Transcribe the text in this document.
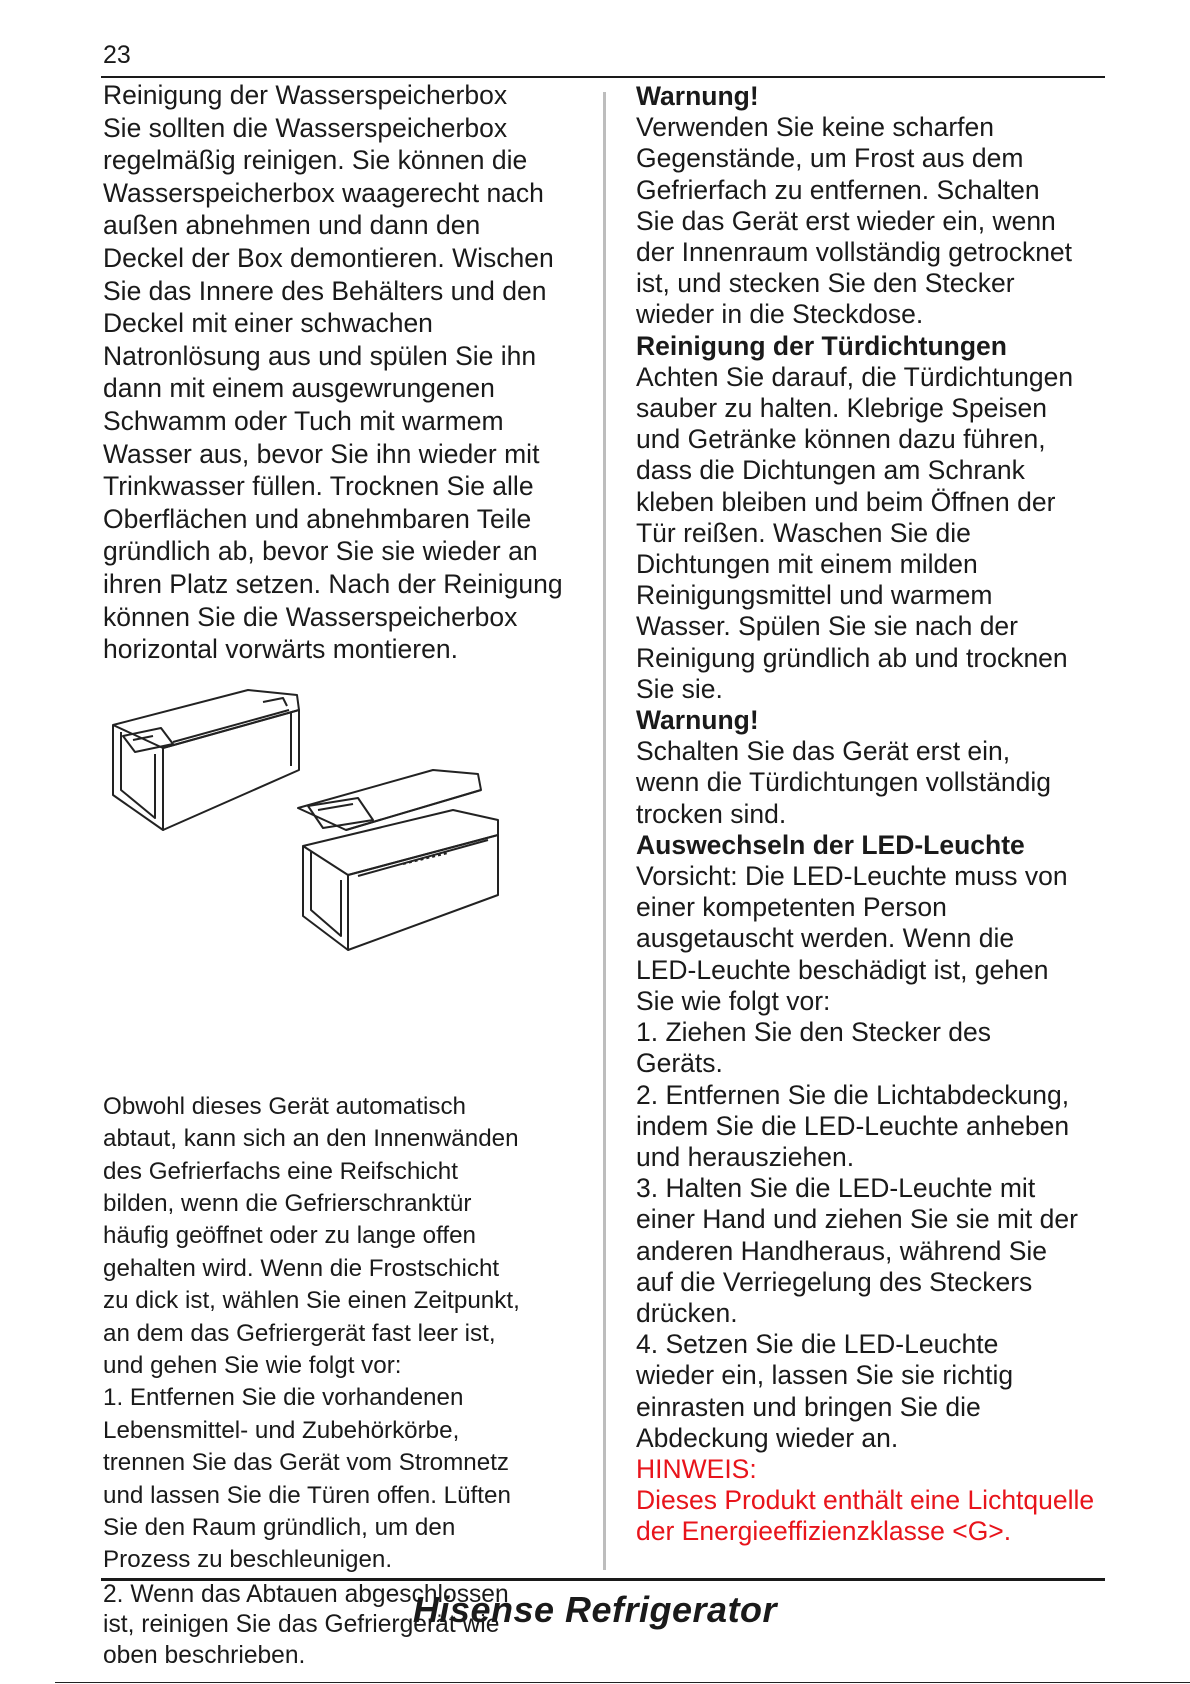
23

Reinigung der Wasserspeicherbox
Sie sollten die Wasserspeicherbox
regelmäßig reinigen. Sie können die
Wasserspeicherbox waagerecht nach
außen abnehmen und dann den
Deckel der Box demontieren. Wischen
Sie das Innere des Behälters und den
Deckel mit einer schwachen
Natronlösung aus und spülen Sie ihn
dann mit einem ausgewrungenen
Schwamm oder Tuch mit warmem
Wasser aus, bevor Sie ihn wieder mit
Trinkwasser füllen. Trocknen Sie alle
Oberflächen und abnehmbaren Teile
gründlich ab, bevor Sie sie wieder an
ihren Platz setzen. Nach der Reinigung
können Sie die Wasserspeicherbox
horizontal vorwärts montieren.

Obwohl dieses Gerät automatisch
abtaut, kann sich an den Innenwänden
des Gefrierfachs eine Reifschicht
bilden, wenn die Gefrierschranktür
häufig geöffnet oder zu lange offen
gehalten wird. Wenn die Frostschicht
zu dick ist, wählen Sie einen Zeitpunkt,
an dem das Gefriergerät fast leer ist,
und gehen Sie wie folgt vor:
1. Entfernen Sie die vorhandenen
Lebensmittel- und Zubehörkörbe,
trennen Sie das Gerät vom Stromnetz
und lassen Sie die Türen offen. Lüften
Sie den Raum gründlich, um den
Prozess zu beschleunigen.

2. Wenn das Abtauen abgeschlossen
ist, reinigen Sie das Gefriergerät wie
oben beschrieben.

Warnung!

Verwenden Sie keine scharfen
Gegenstände, um Frost aus dem
Gefrierfach zu entfernen. Schalten
Sie das Gerät erst wieder ein, wenn
der Innenraum vollständig getrocknet
ist, und stecken Sie den Stecker
wieder in die Steckdose.

Reinigung der Türdichtungen

Achten Sie darauf, die Türdichtungen
sauber zu halten. Klebrige Speisen
und Getränke können dazu führen,
dass die Dichtungen am Schrank
kleben bleiben und beim Öffnen der
Tür reißen. Waschen Sie die
Dichtungen mit einem milden
Reinigungsmittel und warmem
Wasser. Spülen Sie sie nach der
Reinigung gründlich ab und trocknen
Sie sie.

Warnung!

Schalten Sie das Gerät erst ein,
wenn die Türdichtungen vollständig
trocken sind.

Auswechseln der LED-Leuchte

Vorsicht: Die LED-Leuchte muss von
einer kompetenten Person
ausgetauscht werden. Wenn die
LED-Leuchte beschädigt ist, gehen
Sie wie folgt vor:
1. Ziehen Sie den Stecker des
Geräts.
2. Entfernen Sie die Lichtabdeckung,
indem Sie die LED-Leuchte anheben
und herausziehen.
3. Halten Sie die LED-Leuchte mit
einer Hand und ziehen Sie sie mit der
anderen Handheraus, während Sie
auf die Verriegelung des Steckers
drücken.
4. Setzen Sie die LED-Leuchte
wieder ein, lassen Sie sie richtig
einrasten und bringen Sie die
Abdeckung wieder an.

HINWEIS:

Dieses Produkt enthält eine Lichtquelle
der Energieeffizienzklasse <G>.

Hisense Refrigerator
